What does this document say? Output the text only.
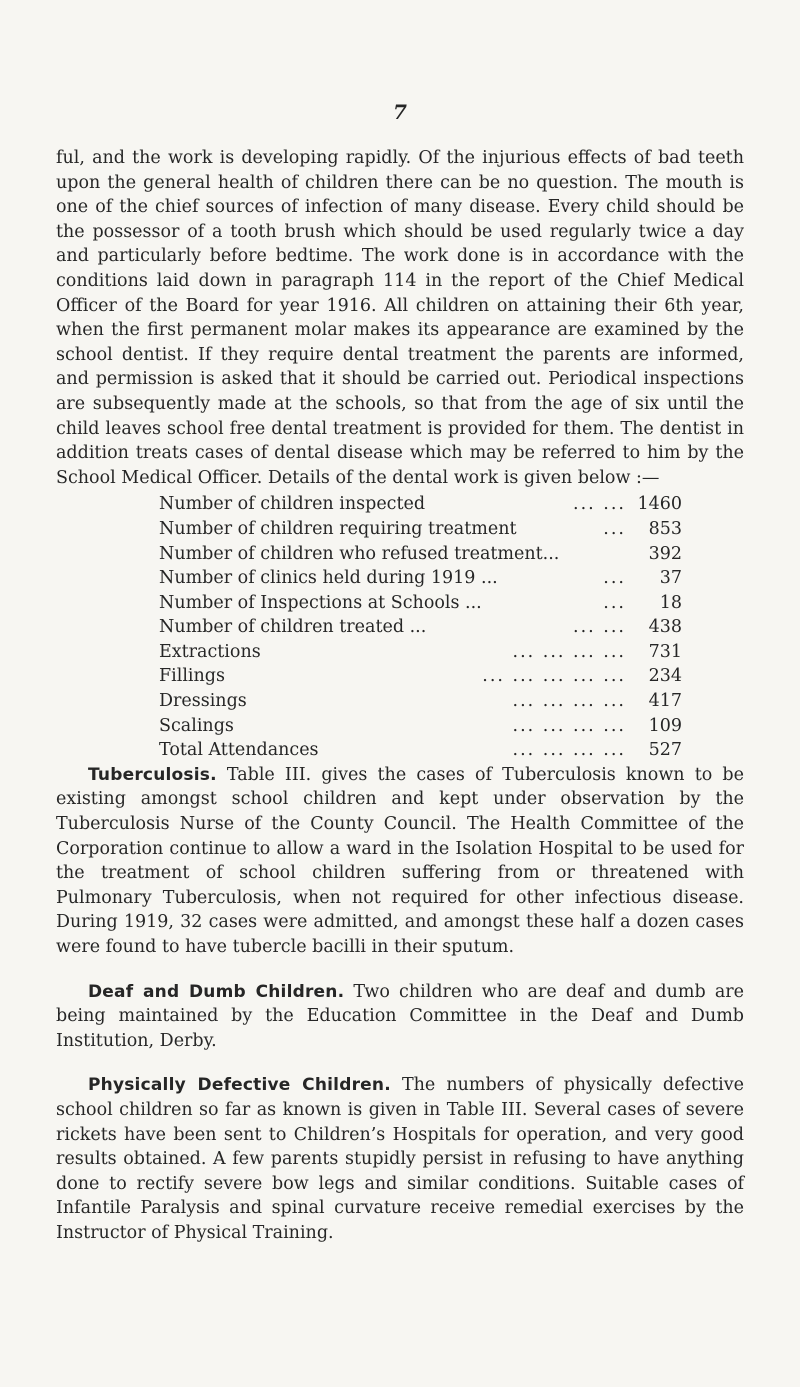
7

ful, and the work is developing rapidly. Of the injurious effects of bad teeth upon the general health of children there can be no question. The mouth is one of the chief sources of infection of many disease. Every child should be the possessor of a tooth brush which should be used regularly twice a day and particularly before bedtime. The work done is in accordance with the conditions laid down in paragraph 114 in the report of the Chief Medical Officer of the Board for year 1916. All children on attaining their 6th year, when the first permanent molar makes its appearance are examined by the school dentist. If they require dental treatment the parents are informed, and permission is asked that it should be carried out. Periodical inspections are subsequently made at the schools, so that from the age of six until the child leaves school free dental treatment is provided for them. The dentist in addition treats cases of dental disease which may be referred to him by the School Medical Officer. Details of the dental work is given below :—

Number of children inspected	... ... 1460
Number of children requiring treatment	...	853
Number of children who refused treatment...	392
Number of clinics held during 1919 ...	...	37
Number of Inspections at Schools ...	...	18
Number of children treated ...	... ...	438
Extractions	... ... ... ...	731
Fillings	... ... ... ... ...	234
Dressings	... ... ... ...	417
Scalings	... ... ... ...	109
Total Attendances	... ... ... ...	527

Tuberculosis. Table III. gives the cases of Tuberculosis known to be existing amongst school children and kept under observation by the Tuberculosis Nurse of the County Council. The Health Committee of the Corporation continue to allow a ward in the Isolation Hospital to be used for the treatment of school children suffering from or threatened with Pulmonary Tuberculosis, when not required for other infectious disease. During 1919, 32 cases were admitted, and amongst these half a dozen cases were found to have tubercle bacilli in their sputum.

Deaf and Dumb Children. Two children who are deaf and dumb are being maintained by the Education Committee in the Deaf and Dumb Institution, Derby.

Physically Defective Children. The numbers of physically defective school children so far as known is given in Table III. Several cases of severe rickets have been sent to Children’s Hospitals for operation, and very good results obtained. A few parents stupidly persist in refusing to have anything done to rectify severe bow legs and similar conditions. Suitable cases of Infantile Paralysis and spinal curvature receive remedial exercises by the Instructor of Physical Training.
